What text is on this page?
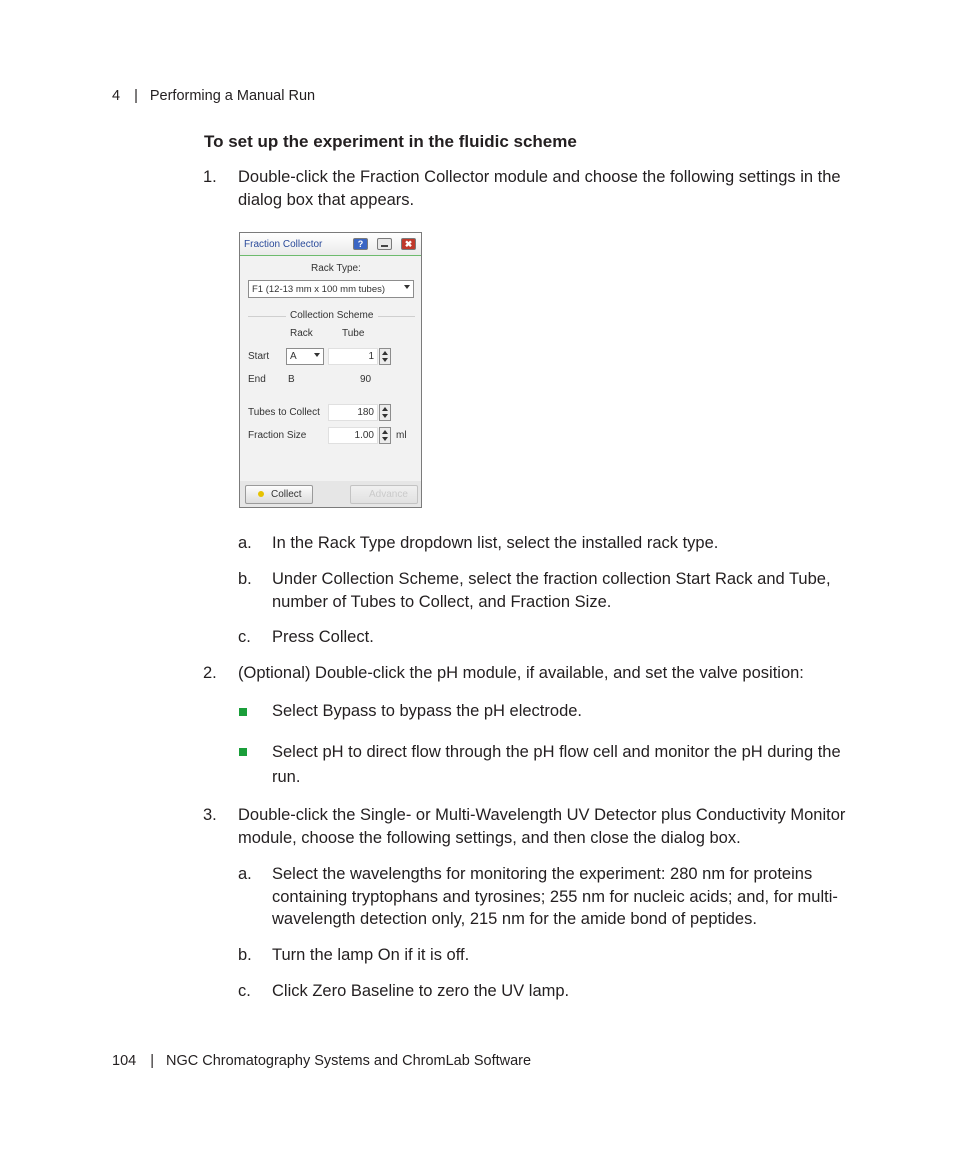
4 | Performing a Manual Run
To set up the experiment in the fluidic scheme
1. Double-click the Fraction Collector module and choose the following settings in the dialog box that appears.
Fraction Collector	?	✖
Rack Type:
F1 (12-13 mm x 100 mm tubes)
Collection Scheme
Rack	Tube
Start A	1
End B	90
Tubes to Collect	180
Fraction Size	1.00 ml
Collect	Advance
a. In the Rack Type dropdown list, select the installed rack type.
b. Under Collection Scheme, select the fraction collection Start Rack and Tube, number of Tubes to Collect, and Fraction Size.
c. Press Collect.
2. (Optional) Double-click the pH module, if available, and set the valve position:
Select Bypass to bypass the pH electrode.
Select pH to direct flow through the pH flow cell and monitor the pH during the run.
3. Double-click the Single- or Multi-Wavelength UV Detector plus Conductivity Monitor module, choose the following settings, and then close the dialog box.
a. Select the wavelengths for monitoring the experiment: 280 nm for proteins containing tryptophans and tyrosines; 255 nm for nucleic acids; and, for multi-wavelength detection only, 215 nm for the amide bond of peptides.
b. Turn the lamp On if it is off.
c. Click Zero Baseline to zero the UV lamp.
104 | NGC Chromatography Systems and ChromLab Software
